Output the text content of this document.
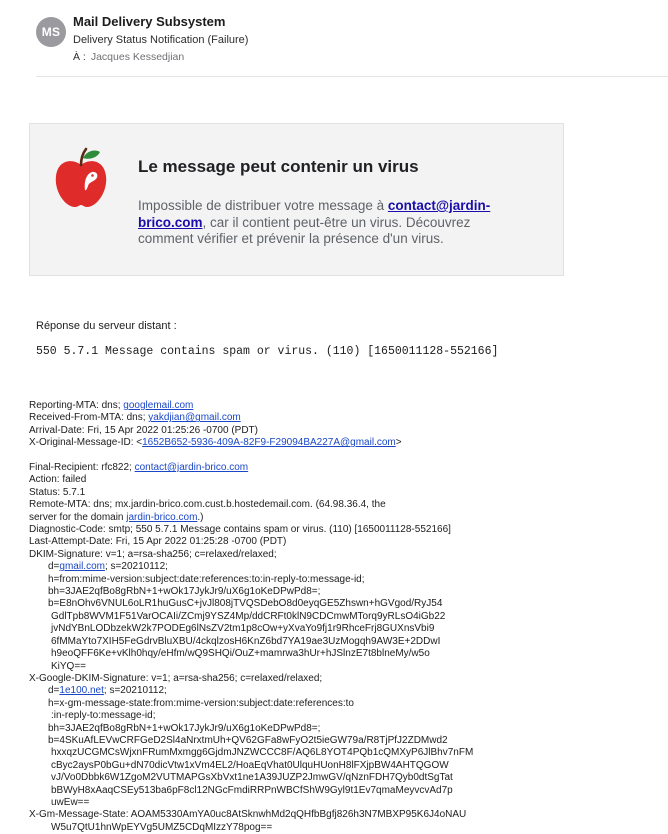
MS
Mail Delivery Subsystem
Delivery Status Notification (Failure)
À : Jacques Kessedjian
Le message peut contenir un virus
Impossible de distribuer votre message à contact@jardin-brico.com, car il contient peut-être un virus. Découvrez comment vérifier et prévenir la présence d'un virus.
Réponse du serveur distant :
550 5.7.1 Message contains spam or virus. (110) [1650011128-552166]
Reporting-MTA: dns; googlemail.com
Received-From-MTA: dns; yakdjian@gmail.com
Arrival-Date: Fri, 15 Apr 2022 01:25:26 -0700 (PDT)
X-Original-Message-ID: <1652B652-5936-409A-82F9-F29094BA227A@gmail.com>
Final-Recipient: rfc822; contact@jardin-brico.com
Action: failed
Status: 5.7.1
Remote-MTA: dns; mx.jardin-brico.com.cust.b.hostedemail.com. (64.98.36.4, the
server for the domain jardin-brico.com.)
Diagnostic-Code: smtp; 550 5.7.1 Message contains spam or virus. (110) [1650011128-552166]
Last-Attempt-Date: Fri, 15 Apr 2022 01:25:28 -0700 (PDT)
DKIM-Signature: v=1; a=rsa-sha256; c=relaxed/relaxed;
d=gmail.com; s=20210112;
h=from:mime-version:subject:date:references:to:in-reply-to:message-id;
bh=3JAE2qfBo8gRbN+1+wOk17JykJr9/uX6g1oKeDPwPd8=;
b=E8nOhv6VNUL6oLR1huGusC+jvJl808jTVQSDebO8d0eyqGE5Zhswn+hGVgod/RyJ54
GdlTpb8WVM1F51VarOCAIi/ZCmj9YSZ4Mp/ddCRFt0klN9CDCmwMTorq9yRLsO4iGb22
jvNdYBnLODbzekW2k7PODEg6lNsZV2tm1p8cOw+yXvaYo9fj1r9RhceFrj8GUXnsVbi9
6fMMaYto7XIH5FeGdrvBluXBU/4ckqlzosH6KnZ6bd7YA19ae3UzMogqh9AW3E+2DDwI
h9eoQFF6Ke+vKlh0hqy/eHfm/wQ9SHQi/OuZ+mamrwa3hUr+hJSlnzE7t8blneMy/w5o
KiYQ==
X-Google-DKIM-Signature: v=1; a=rsa-sha256; c=relaxed/relaxed;
d=1e100.net; s=20210112;
h=x-gm-message-state:from:mime-version:subject:date:references:to
:in-reply-to:message-id;
bh=3JAE2qfBo8gRbN+1+wOk17JykJr9/uX6g1oKeDPwPd8=;
b=4SKuAfLEVwCRFGeD2Sl4aNrxtmUh+QV62GFa8wFyO2t5ieGW79a/R8TjPfJ2ZDMwd2
hxxqzUCGMCsWjxnFRumMxmgg6GjdmJNZWCCC8F/AQ6L8YOT4PQb1cQMXyP6JlBhv7nFM
cByc2aysP0bGu+dN70dicVtw1xVm4EL2/HoaEqVhat0UlquHUonH8lFXjpBW4AHTQGOW
vJ/Vo0Dbbk6W1ZgoM2VUTMAPGsXbVxt1ne1A39JUZP2JmwGV/qNznFDH7Qyb0dtSgTat
bBWyH8xAaqCSEy513ba6pF8cl12NGcFmdiRRPnWBCfShW9Gyl9t1Ev7qmaMeyvcvAd7p
uwEw==
X-Gm-Message-State: AOAM5330AmYA0uc8AtSknwhMd2qQHfbBgfj826h3N7MBXP95K6J4oNAU
W5u7QtU1hnWpEYVg5UMZ5CDqMIzzY78pog==
